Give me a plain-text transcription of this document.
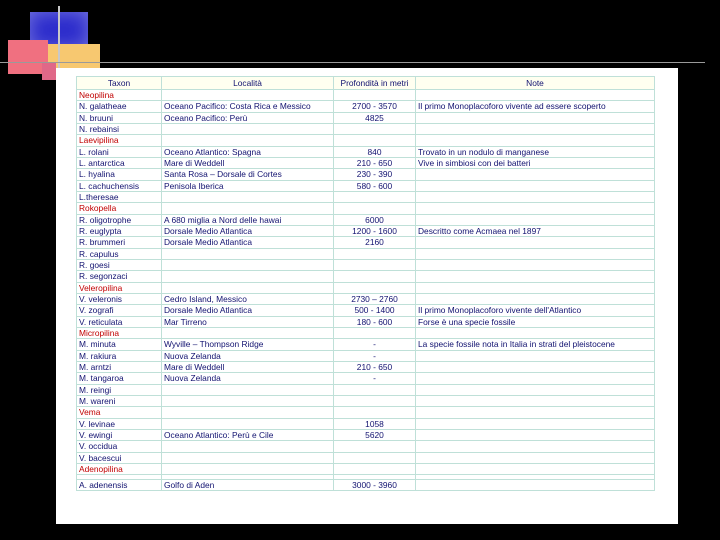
Taxon	Località	Profondità in metri	Note
Neopilina			
N. galatheae	Oceano Pacifico: Costa Rica e Messico	2700 - 3570	Il primo Monoplacoforo vivente ad essere scoperto
N. bruuni	Oceano Pacifico: Perù	4825	
N. rebainsi			
Laevipilina			
L. rolani	Oceano Atlantico: Spagna	840	Trovato in un nodulo di manganese
L. antarctica	Mare di Weddell	210 - 650	Vive in simbiosi con dei batteri
L. hyalina	Santa Rosa – Dorsale di Cortes	230 - 390	
L. cachuchensis	Penisola Iberica	580 - 600	
L.theresae			
Rokopella			
R. oligotrophe	A 680 miglia a Nord delle hawai	6000	
R. euglypta	Dorsale Medio Atlantica	1200 - 1600	Descritto come Acmaea nel 1897
R. brummeri	Dorsale Medio Atlantica	2160	
R. capulus			
R. goesi			
R. segonzaci			
Veleropilina			
V. veleronis	Cedro Island, Messico	2730 – 2760	
V. zografi	Dorsale Medio Atlantica	500 - 1400	Il primo Monoplacoforo vivente dell'Atlantico
V. reticulata	Mar Tirreno	180 - 600	Forse è una specie fossile
Micropilina			
M. minuta	Wyville – Thompson Ridge	-	La specie fossile nota in Italia in strati del pleistocene
M. rakiura	Nuova Zelanda	-	
M. arntzi	Mare di Weddell	210 - 650	
M. tangaroa	Nuova Zelanda	-	
M. reingi			
M. wareni			
Vema			
V. levinae		1058	
V. ewingi	Oceano Atlantico: Perù e Cile	5620	
V. occidua			
V. bacescui			
Adenopilina			

A. adenensis	Golfo di Aden	3000 - 3960	
